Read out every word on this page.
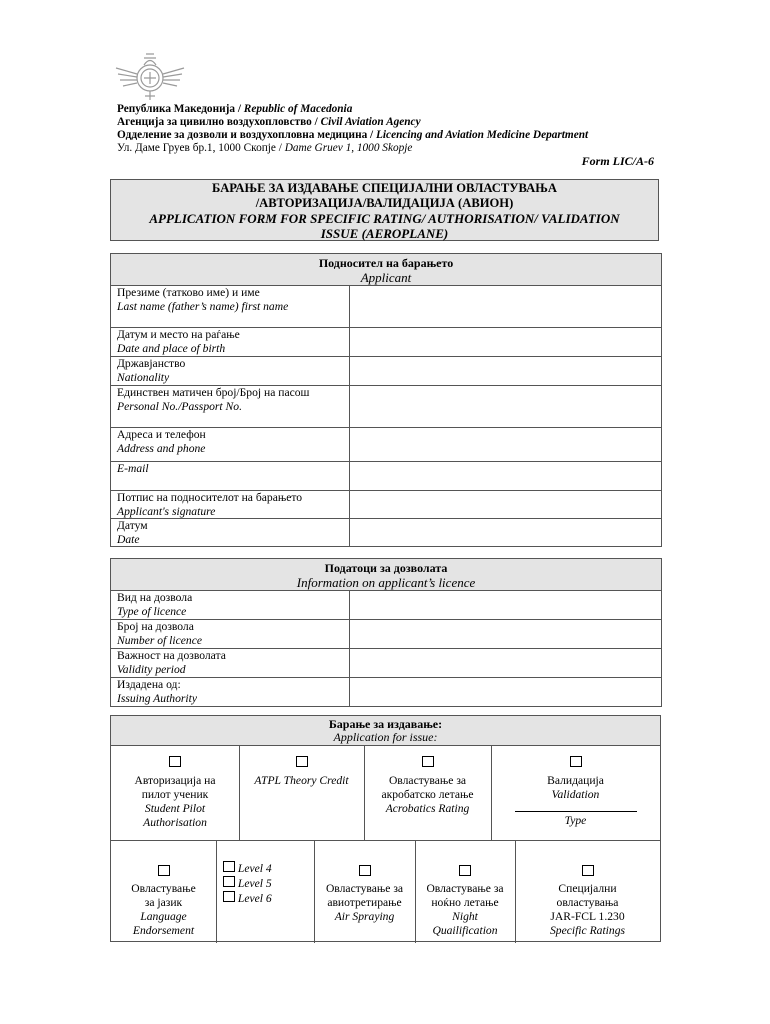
Република Македонија / Republic of Macedonia
Агенција за цивилно воздухопловство / Civil Aviation Agency
Одделение за дозволи и воздухопловна медицина / Licencing and Aviation Medicine Department
Ул. Даме Груев бр.1, 1000 Скопје / Dame Gruev 1, 1000 Skopje
Form LIC/A-6
БАРАЊЕ ЗА ИЗДАВАЊЕ СПЕЦИЈАЛНИ ОВЛАСТУВАЊА
/АВТОРИЗАЦИЈА/ВАЛИДАЦИЈА (АВИОН)
APPLICATION FORM FOR SPECIFIC RATING/ AUTHORISATION/ VALIDATION
ISSUE (AEROPLANE)
Подносител на барањето
Applicant	

Презиме (татково име) и име
Last name (father’s name) first name	

Датум и место на раѓање
Date and place of birth	

Државјанство
Nationality	

Единствен матичен број/Број на пасош
Personal No./Passport No.	

Адреса и телефон
Address and phone	

E-mail	

Потпис на подносителот на барањето
Applicant's signature	

Датум
Date	

Податоци за дозволата
Information on applicant’s licence	

Вид на дозвола
Type of licence	

Број на дозвола
Number of licence	

Важност на дозволата
Validity period	

Издадена од:
Issuing Authority	

Барање за издавање:
Application for issue:
Авторизација на
пилот ученик
Student Pilot
Authorisation
ATPL Theory Credit	Овластување за
акробатско летање
Acrobatics Rating
Валидација
Validation
Type
Овластување
за јазик
Language
Endorsement
Level 4
Level 5
Level 6
Овластување за
авиотретирање
Air Spraying
Овластување за
ноќно летање
Night
Quailification
Специјални
овластувања
JAR-FCL 1.230
Specific Ratings
